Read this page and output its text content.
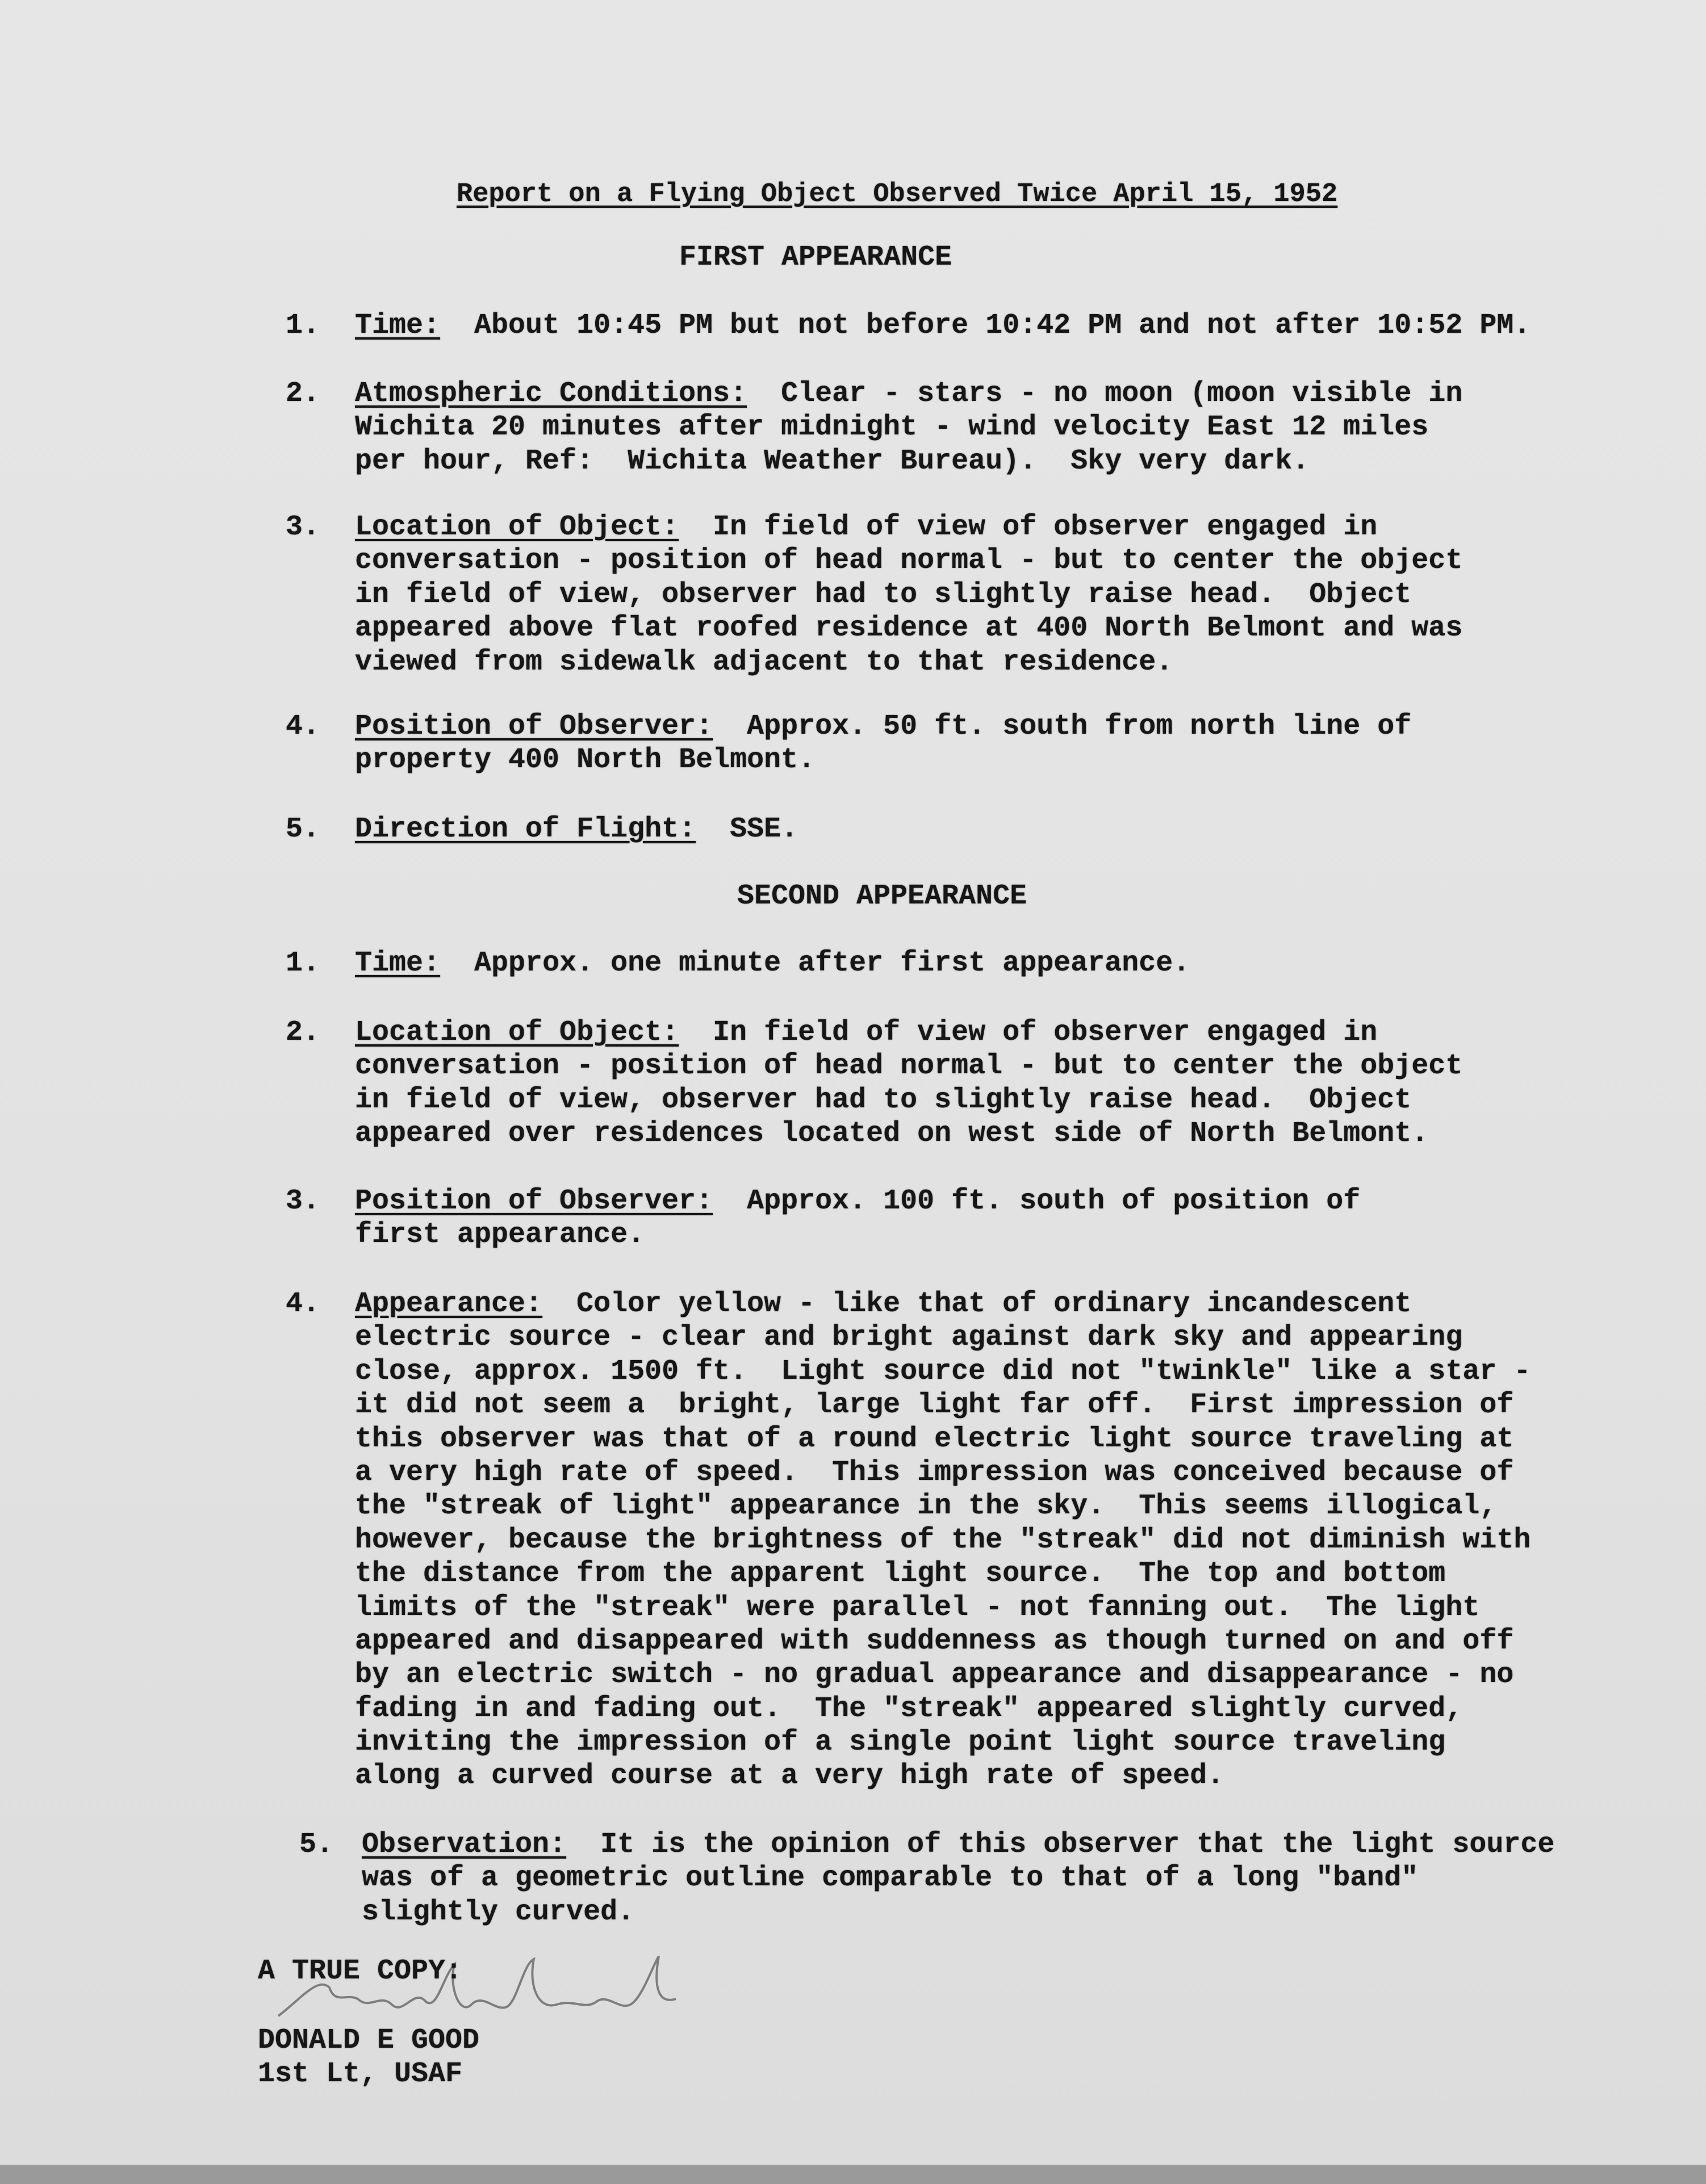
Report on a Flying Object Observed Twice April 15, 1952
FIRST APPEARANCE
SECOND APPEARANCE
1. Time: About 10:45 PM but not before 10:42 PM and not after 10:52 PM.
2. Atmospheric Conditions: Clear - stars - no moon (moon visible in
Wichita 20 minutes after midnight - wind velocity East 12 miles
per hour, Ref:  Wichita Weather Bureau).  Sky very dark.
3. Location of Object: In field of view of observer engaged in
conversation - position of head normal - but to center the object
in field of view, observer had to slightly raise head.  Object
appeared above flat roofed residence at 400 North Belmont and was
viewed from sidewalk adjacent to that residence.
4. Position of Observer: Approx. 50 ft. south from north line of
property 400 North Belmont.
5. Direction of Flight: SSE.
1. Time: Approx. one minute after first appearance.
2. Location of Object: In field of view of observer engaged in
conversation - position of head normal - but to center the object
in field of view, observer had to slightly raise head.  Object
appeared over residences located on west side of North Belmont.
3. Position of Observer: Approx. 100 ft. south of position of
first appearance.
4. Appearance: Color yellow - like that of ordinary incandescent
electric source - clear and bright against dark sky and appearing
close, approx. 1500 ft.  Light source did not "twinkle" like a star -
it did not seem a  bright, large light far off.  First impression of
this observer was that of a round electric light source traveling at
a very high rate of speed.  This impression was conceived because of
the "streak of light" appearance in the sky.  This seems illogical,
however, because the brightness of the "streak" did not diminish with
the distance from the apparent light source.  The top and bottom
limits of the "streak" were parallel - not fanning out.  The light
appeared and disappeared with suddenness as though turned on and off
by an electric switch - no gradual appearance and disappearance - no
fading in and fading out.  The "streak" appeared slightly curved,
inviting the impression of a single point light source traveling
along a curved course at a very high rate of speed.
5. Observation: It is the opinion of this observer that the light source
was of a geometric outline comparable to that of a long "band"
slightly curved.
A TRUE COPY:
DONALD E GOOD
1st Lt, USAF
